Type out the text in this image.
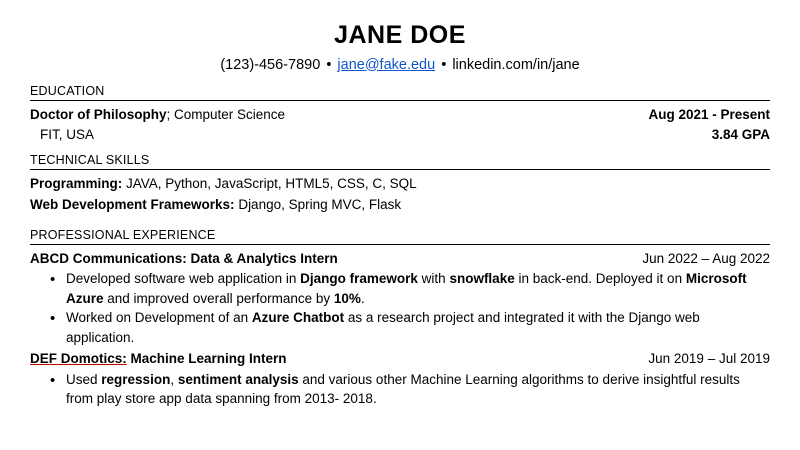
JANE DOE
(123)-456-7890 • jane@fake.edu • linkedin.com/in/jane
EDUCATION
Doctor of Philosophy; Computer Science	Aug 2021 - Present
FIT, USA	3.84 GPA
TECHNICAL SKILLS
Programming: JAVA, Python, JavaScript, HTML5, CSS, C, SQL
Web Development Frameworks: Django, Spring MVC, Flask
PROFESSIONAL EXPERIENCE
ABCD Communications: Data & Analytics Intern	Jun 2022 – Aug 2022
• Developed software web application in Django framework with snowflake in back-end. Deployed it on Microsoft Azure and improved overall performance by 10%.
• Worked on Development of an Azure Chatbot as a research project and integrated it with the Django web application.
DEF Domotics: Machine Learning Intern	Jun 2019 – Jul 2019
• Used regression, sentiment analysis and various other Machine Learning algorithms to derive insightful results from play store app data spanning from 2013- 2018.
